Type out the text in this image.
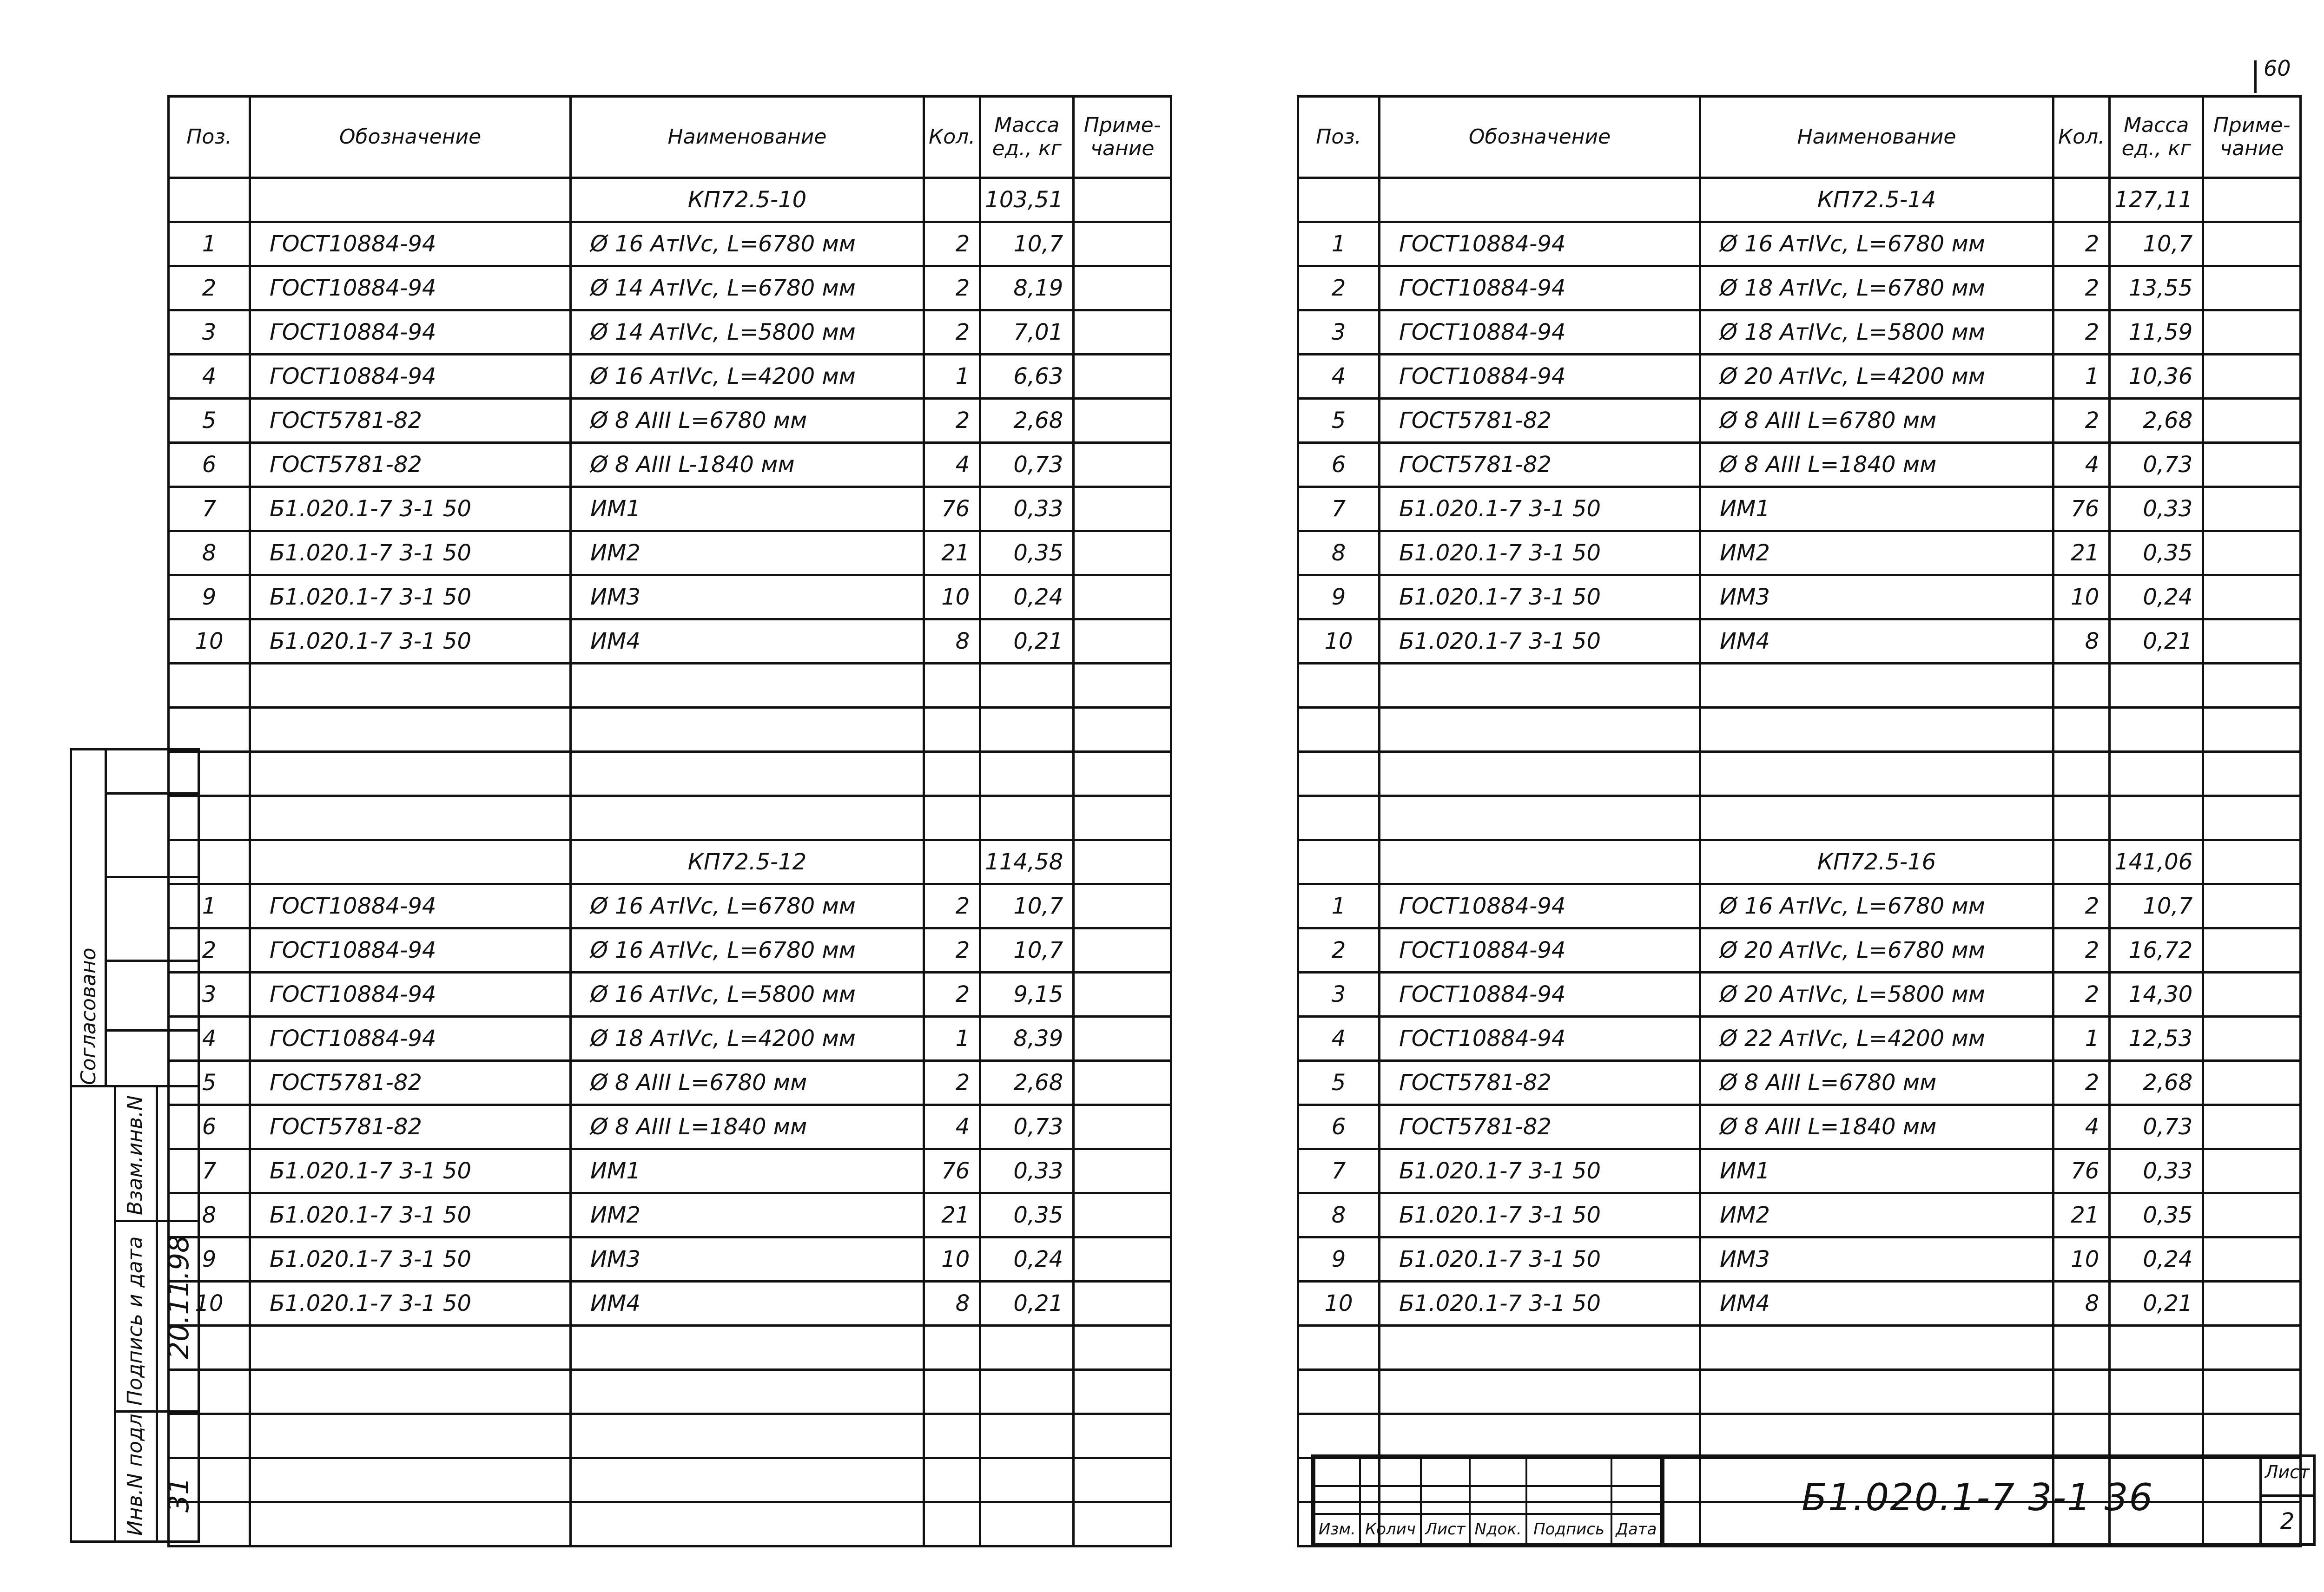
60
Поз.	Обозначение	Наименование	Кол.	Масса ед., кг	Приме- чание
		КП72.5-10		103,51	
1	ГОСТ10884-94	Ø 16 АтIVс, L=6780 мм	2	10,7	
2	ГОСТ10884-94	Ø 14 АтIVс, L=6780 мм	2	8,19	
3	ГОСТ10884-94	Ø 14 АтIVс, L=5800 мм	2	7,01	
4	ГОСТ10884-94	Ø 16 АтIVс, L=4200 мм	1	6,63	
5	ГОСТ5781-82	Ø 8 АIII L=6780 мм	2	2,68	
6	ГОСТ5781-82	Ø 8 АIII L-1840 мм	4	0,73	
7	Б1.020.1-7 3-1 50	ИМ1	76	0,33	
8	Б1.020.1-7 3-1 50	ИМ2	21	0,35	
9	Б1.020.1-7 3-1 50	ИМ3	10	0,24	
10	Б1.020.1-7 3-1 50	ИМ4	8	0,21	

		КП72.5-12		114,58	
1	ГОСТ10884-94	Ø 16 АтIVс, L=6780 мм	2	10,7	
2	ГОСТ10884-94	Ø 16 АтIVс, L=6780 мм	2	10,7	
3	ГОСТ10884-94	Ø 16 АтIVс, L=5800 мм	2	9,15	
4	ГОСТ10884-94	Ø 18 АтIVс, L=4200 мм	1	8,39	
5	ГОСТ5781-82	Ø 8 АIII L=6780 мм	2	2,68	
6	ГОСТ5781-82	Ø 8 АIII L=1840 мм	4	0,73	
7	Б1.020.1-7 3-1 50	ИМ1	76	0,33	
8	Б1.020.1-7 3-1 50	ИМ2	21	0,35	
9	Б1.020.1-7 3-1 50	ИМ3	10	0,24	
10	Б1.020.1-7 3-1 50	ИМ4	8	0,21	

Поз.	Обозначение	Наименование	Кол.	Масса ед., кг	Приме- чание
		КП72.5-14		127,11	
1	ГОСТ10884-94	Ø 16 АтIVс, L=6780 мм	2	10,7	
2	ГОСТ10884-94	Ø 18 АтIVс, L=6780 мм	2	13,55	
3	ГОСТ10884-94	Ø 18 АтIVс, L=5800 мм	2	11,59	
4	ГОСТ10884-94	Ø 20 АтIVс, L=4200 мм	1	10,36	
5	ГОСТ5781-82	Ø 8 АIII L=6780 мм	2	2,68	
6	ГОСТ5781-82	Ø 8 АIII L=1840 мм	4	0,73	
7	Б1.020.1-7 3-1 50	ИМ1	76	0,33	
8	Б1.020.1-7 3-1 50	ИМ2	21	0,35	
9	Б1.020.1-7 3-1 50	ИМ3	10	0,24	
10	Б1.020.1-7 3-1 50	ИМ4	8	0,21	

		КП72.5-16		141,06	
1	ГОСТ10884-94	Ø 16 АтIVс, L=6780 мм	2	10,7	
2	ГОСТ10884-94	Ø 20 АтIVс, L=6780 мм	2	16,72	
3	ГОСТ10884-94	Ø 20 АтIVс, L=5800 мм	2	14,30	
4	ГОСТ10884-94	Ø 22 АтIVс, L=4200 мм	1	12,53	
5	ГОСТ5781-82	Ø 8 АIII L=6780 мм	2	2,68	
6	ГОСТ5781-82	Ø 8 АIII L=1840 мм	4	0,73	
7	Б1.020.1-7 3-1 50	ИМ1	76	0,33	
8	Б1.020.1-7 3-1 50	ИМ2	21	0,35	
9	Б1.020.1-7 3-1 50	ИМ3	10	0,24	
10	Б1.020.1-7 3-1 50	ИМ4	8	0,21	

Согласовано
Взам.инв.N
Подпись и дата 20.11.98
Инв.N подл. 31

Изм.	Колич	Лист	Nдок.	Подпись	Дата
Б1.020.1-7 3-1 36
Лист
2
